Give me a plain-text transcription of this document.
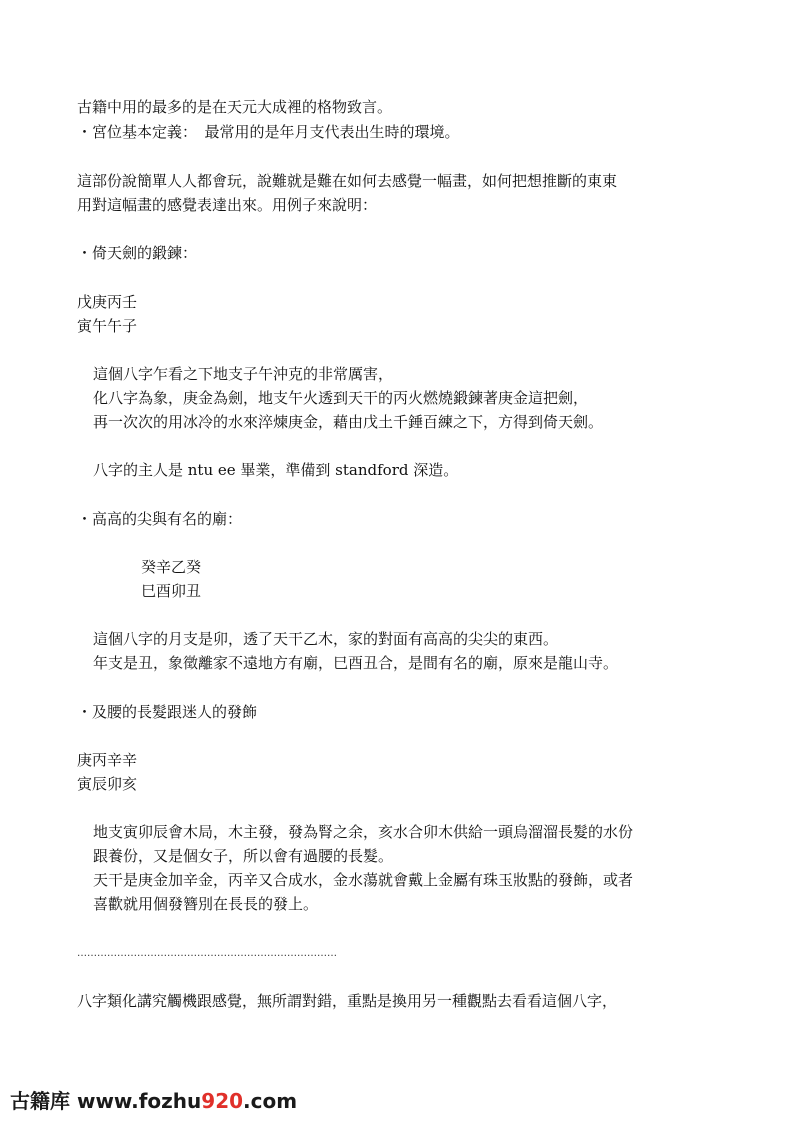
古籍中用的最多的是在天元大成裡的格物致言。
・宮位基本定義：　最常用的是年月支代表出生時的環境。
這部份說簡單人人都會玩，說難就是難在如何去感覺一幅畫，如何把想推斷的東東
用對這幅畫的感覺表達出來。用例子來說明：
・倚天劍的鍛鍊：
戊庚丙壬
寅午午子
這個八字乍看之下地支子午沖克的非常厲害，
化八字為象，庚金為劍，地支午火透到天干的丙火燃燒鍛鍊著庚金這把劍，
再一次次的用冰冷的水來淬煉庚金，藉由戊土千錘百練之下，方得到倚天劍。
八字的主人是 ntu ee 畢業，準備到 standford 深造。
・高高的尖與有名的廟：
癸辛乙癸
巳酉卯丑
這個八字的月支是卯，透了天干乙木，家的對面有高高的尖尖的東西。
年支是丑，象徵離家不遠地方有廟，巳酉丑合，是間有名的廟，原來是龍山寺。
・及腰的長髮跟迷人的發飾
庚丙辛辛
寅辰卯亥
地支寅卯辰會木局，木主發，發為腎之余，亥水合卯木供給一頭烏溜溜長髮的水份
跟養份，又是個女子，所以會有過腰的長髮。
天干是庚金加辛金，丙辛又合成水，金水蕩就會戴上金屬有珠玉妝點的發飾，或者
喜歡就用個發簪別在長長的發上。
……………………………………………………………………
八字類化講究觸機跟感覺，無所謂對錯，重點是換用另一種觀點去看看這個八字，
古籍库 www.fozhu920.com
